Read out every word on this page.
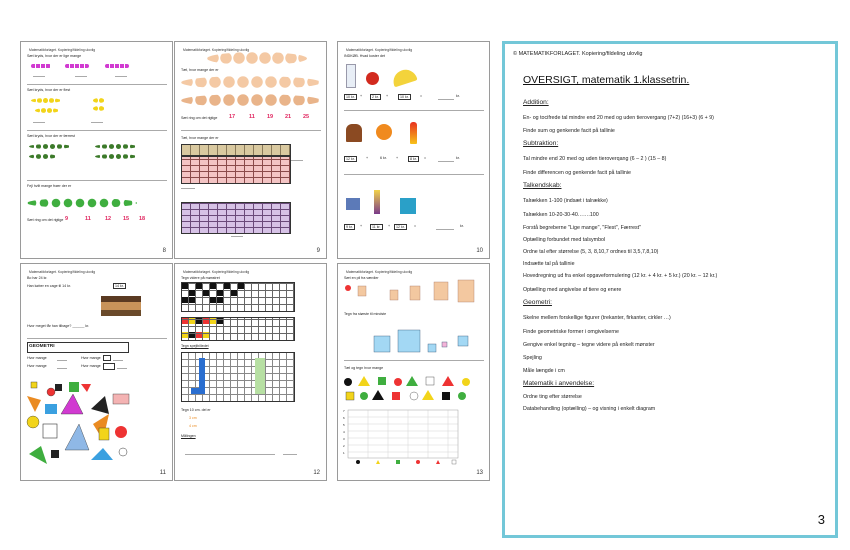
Matematikforlaget. Kopiering/fildeling ulovlig
Sæt kryds, hvor der er lige mange
Sæt kryds, hvor der er flest
Sæt kryds, hvor der er færrest
Fejl hvilt mange frøer der er
Sæt ring om det rigtige 9	11	12 15 18
8
Matematikforlaget. Kopiering/fildeling ulovlig
Tæl, hvor mange der er
Sæt ring om det rigtige 17	11 19 21 25
Tæl, hvor mange der er
9
Matematikforlaget. Kopiering/fildeling ulovlig
INDKØB. Hvad koster det
10 kr.	+	2 kr.	+	10 kr.	=	kr.
12 kr.	+	6 kr.	+	8 kr.	=	kr.
9 kr.	+	11 kr.	+	12 kr.	=	kr.
10
Matematikforlaget. Kopiering/fildeling ulovlig
Bo har 24 kr.
Han køber en cage til 14 kr.	14 kr.
Hvor meget får han tilbage? ______ kr.
GEOMETRI
Hvor mange	Hvor mange
Hvor mange	Hvor mange
11
Matematikforlaget. Kopiering/fildeling ulovlig
Tegn videre på mønstret
Tegn spejlbilledet
Tegn 10 cm. del er
3 cm
4 cm
Målingen
12
Matematikforlaget. Kopiering/fildeling ulovlig
Sæt en pil fra værdier
Tegn fra største til mindste
Tæl og tegn hvor mange
7
6
5
4
3
2
1
13
© MATEMATIKFORLAGET. Kopiering/fildeling ulovlig
OVERSIGT, matematik 1.klassetrin.
Addition:
En- og tocifrede tal mindre end 20 med og uden tierovergang (7+2) (16+3) (6 + 9)
Finde sum og genkende facit på tallinie
Subtraktion:
Tal mindre end 20 med og uden tieroverqang (6 – 2 ) (15 – 8)
Finde differencen og genkende facit på tallinie
Talkendskab:
Talrækken 1-100 (indsæt i talrække)
Talrækken 10-20-30-40…….100
Forstå begreberne "Lige mange", "Flest", Færrest"
Optælling forbundet med talsymbol
Ordne tal efter størrelse (5, 3, 8,10,7 ordnes til 3,5,7,8,10)
Indsætte tal på tallinie
Hovedregning ud fra enkel opgaveformulering (12 kr. + 4 kr. + 5 kr.) (20 kr. – 12 kr.)
Optælling med angivelse af tiere og enere
Geometri:
Skelne mellem forskellige figurer (trekanter, firkanter, cirkler …)
Finde geometriske former i omgivelserne
Gengive enkel tegning – tegne videre på enkelt mønster
Spejling
Måle længde i cm
Matematik i anvendelse:
Ordne ting efter størrelse
Databehandling (optælling) – og visning i enkelt diagram
3
